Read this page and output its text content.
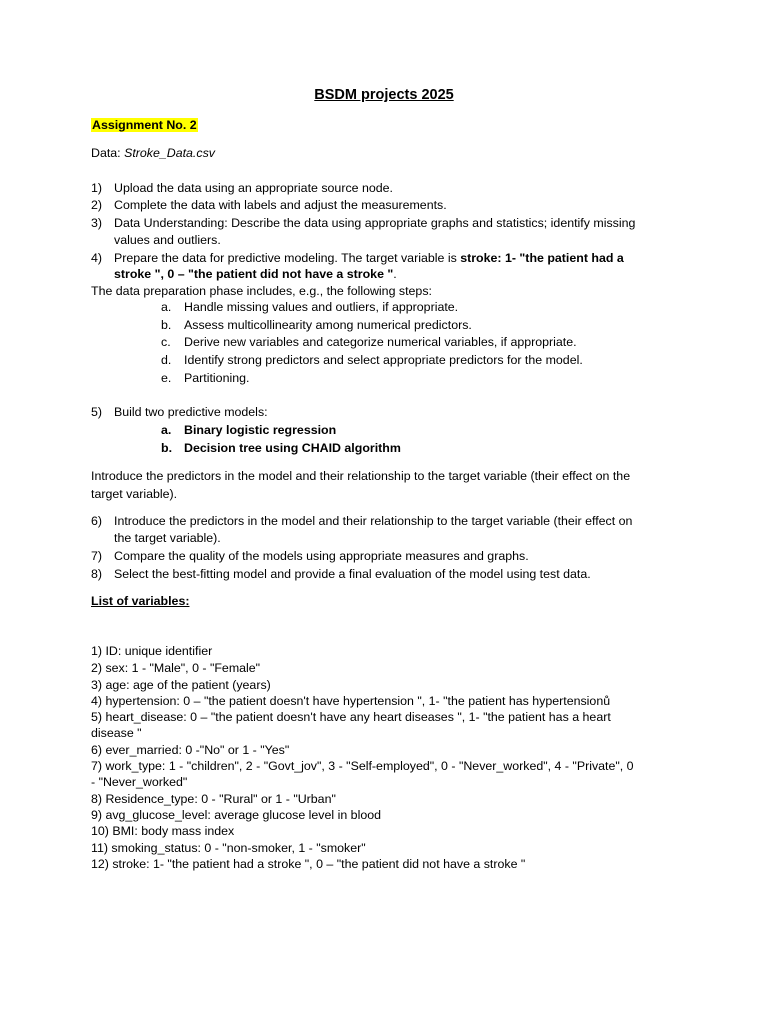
BSDM projects 2025
Assignment No. 2
Data: Stroke_Data.csv
1) Upload the data using an appropriate source node.
2) Complete the data with labels and adjust the measurements.
3) Data Understanding: Describe the data using appropriate graphs and statistics; identify missing
values and outliers.
4) Prepare the data for predictive modeling. The target variable is stroke: 1- "the patient had a
stroke ", 0 – "the patient did not have a stroke ".
The data preparation phase includes, e.g., the following steps:
a. Handle missing values and outliers, if appropriate.
b. Assess multicollinearity among numerical predictors.
c. Derive new variables and categorize numerical variables, if appropriate.
d. Identify strong predictors and select appropriate predictors for the model.
e. Partitioning.
5) Build two predictive models:
a. Binary logistic regression
b. Decision tree using CHAID algorithm
Introduce the predictors in the model and their relationship to the target variable (their effect on the
target variable).
6) Introduce the predictors in the model and their relationship to the target variable (their effect on
the target variable).
7) Compare the quality of the models using appropriate measures and graphs.
8) Select the best-fitting model and provide a final evaluation of the model using test data.
List of variables:
1) ID: unique identifier
2) sex: 1 - "Male", 0 - "Female"
3) age: age of the patient (years)
4) hypertension: 0 – "the patient doesn't have hypertension ", 1- "the patient has hypertensionů
5) heart_disease: 0 – "the patient doesn't have any heart diseases ", 1- "the patient has a heart
disease "
6) ever_married: 0 -"No" or 1 - "Yes"
7) work_type: 1 - "children", 2 - "Govt_jov", 3 - "Self-employed", 0 - "Never_worked", 4 - "Private", 0
- "Never_worked"
8) Residence_type: 0 - "Rural" or 1 - "Urban"
9) avg_glucose_level: average glucose level in blood
10) BMI: body mass index
11) smoking_status: 0 - "non-smoker, 1 - "smoker"
12) stroke: 1- "the patient had a stroke ", 0 – "the patient did not have a stroke "
